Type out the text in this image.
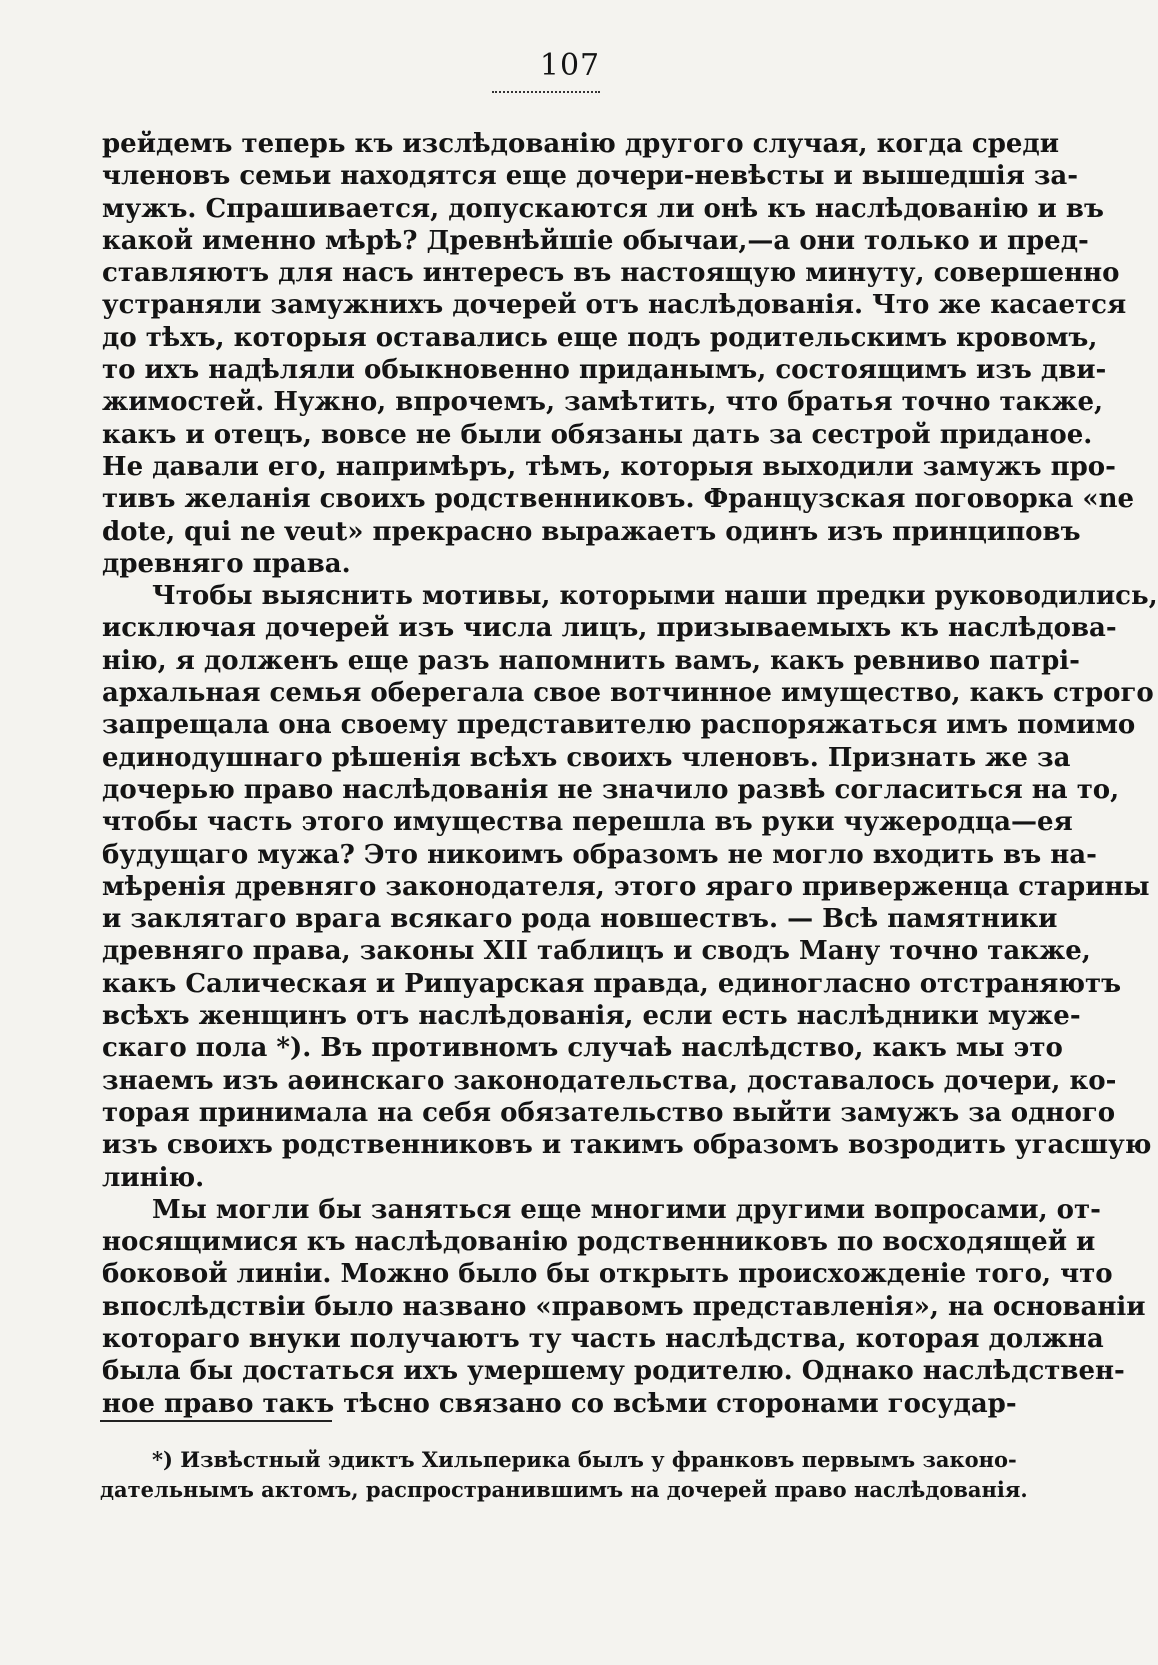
107
рейдемъ теперь къ изслѣдованію другого случая, когда среди
членовъ семьи находятся еще дочери-невѣсты и вышедшія за-
мужъ. Спрашивается, допускаются ли онѣ къ наслѣдованію и въ
какой именно мѣрѣ? Древнѣйшіе обычаи,—а они только и пред-
ставляютъ для насъ интересъ въ настоящую минуту, совершенно
устраняли замужнихъ дочерей отъ наслѣдованія. Что же касается
до тѣхъ, которыя оставались еще подъ родительскимъ кровомъ,
то ихъ надѣляли обыкновенно приданымъ, состоящимъ изъ дви-
жимостей. Нужно, впрочемъ, замѣтить, что братья точно также,
какъ и отецъ, вовсе не были обязаны дать за сестрой приданое.
Не давали его, напримѣръ, тѣмъ, которыя выходили замужъ про-
тивъ желанія своихъ родственниковъ. Французская поговорка «ne
dote, qui ne veut» прекрасно выражаетъ одинъ изъ принциповъ
древняго права.
Чтобы выяснить мотивы, которыми наши предки руководились,
исключая дочерей изъ числа лицъ, призываемыхъ къ наслѣдова-
нію, я долженъ еще разъ напомнить вамъ, какъ ревниво патрі-
архальная семья оберегала свое вотчинное имущество, какъ строго
запрещала она своему представителю распоряжаться имъ помимо
единодушнаго рѣшенія всѣхъ своихъ членовъ. Признать же за
дочерью право наслѣдованія не значило развѣ согласиться на то,
чтобы часть этого имущества перешла въ руки чужеродца—ея
будущаго мужа? Это никоимъ образомъ не могло входить въ на-
мѣренія древняго законодателя, этого яраго приверженца старины
и заклятаго врага всякаго рода новшествъ. — Всѣ памятники
древняго права, законы XII таблицъ и сводъ Ману точно также,
какъ Салическая и Рипуарская правда, единогласно отстраняютъ
всѣхъ женщинъ отъ наслѣдованія, если есть наслѣдники муже-
скаго пола *). Въ противномъ случаѣ наслѣдство, какъ мы это
знаемъ изъ аѳинскаго законодательства, доставалось дочери, ко-
торая принимала на себя обязательство выйти замужъ за одного
изъ своихъ родственниковъ и такимъ образомъ возродить угасшую
линію.
Мы могли бы заняться еще многими другими вопросами, от-
носящимися къ наслѣдованію родственниковъ по восходящей и
боковой линіи. Можно было бы открыть происхожденіе того, что
впослѣдствіи было названо «правомъ представленія», на основаніи
котораго внуки получаютъ ту часть наслѣдства, которая должна
была бы достаться ихъ умершему родителю. Однако наслѣдствен-
ное право такъ тѣсно связано со всѣми сторонами государ-
*) Извѣстный эдиктъ Хильперика былъ у франковъ первымъ законо-
дательнымъ актомъ, распространившимъ на дочерей право наслѣдованія.
